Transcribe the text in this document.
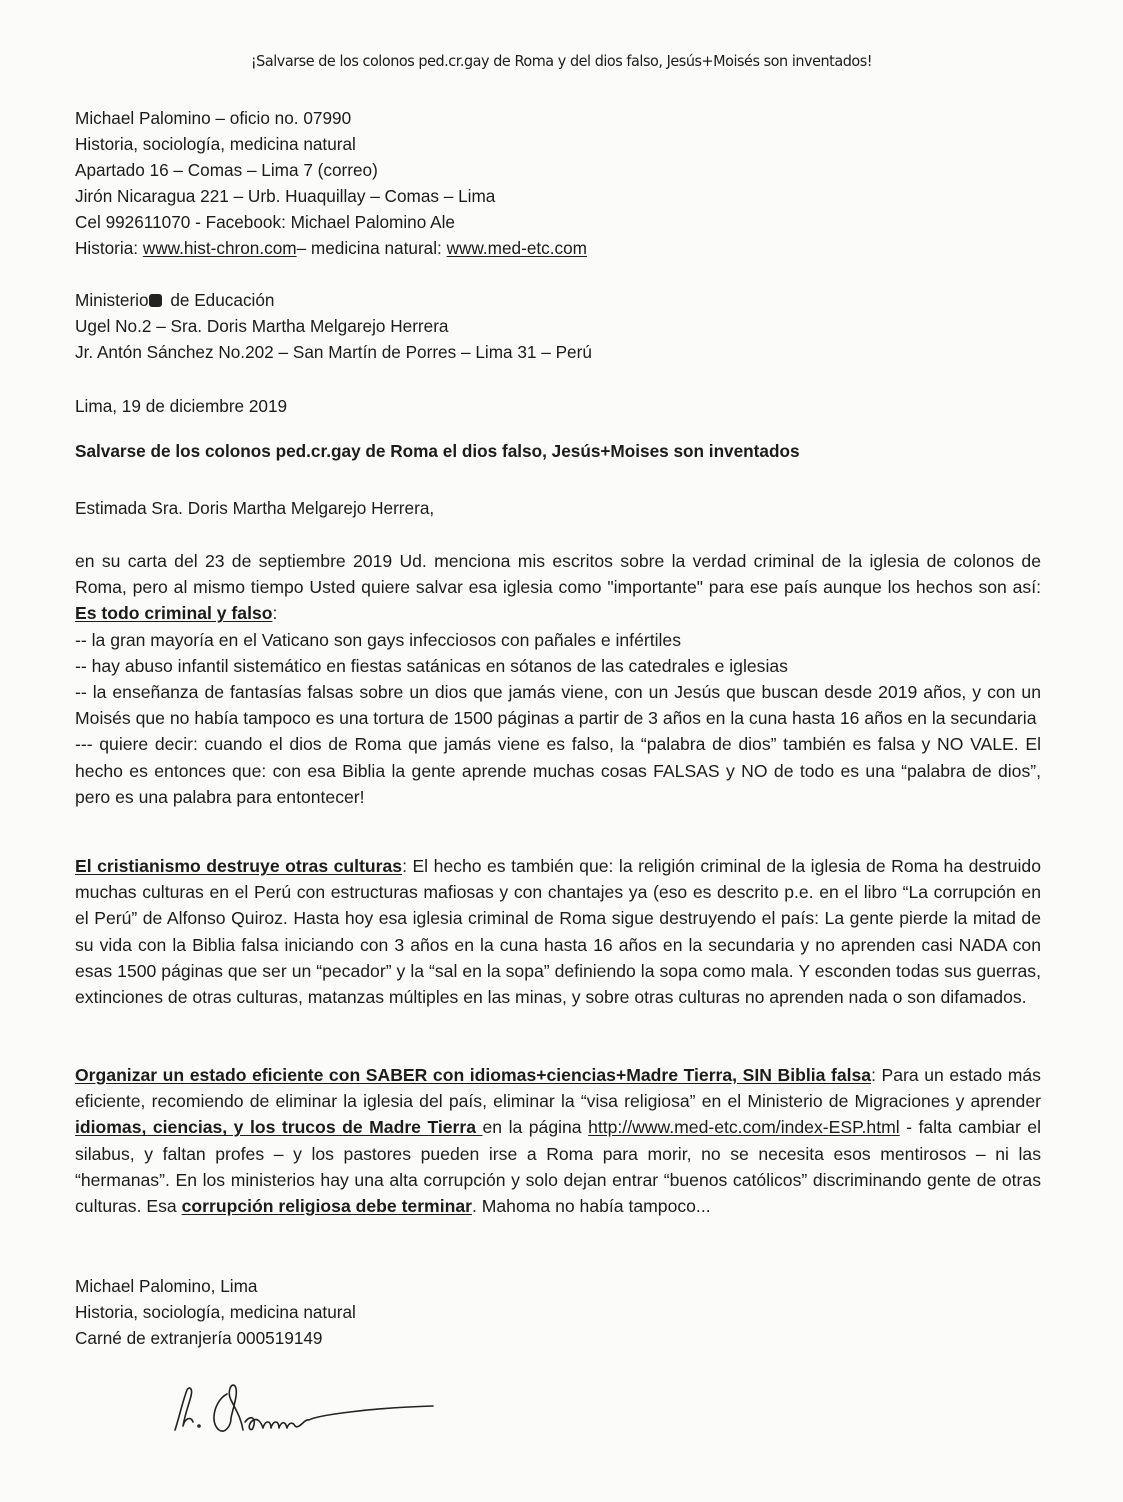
¡Salvarse de los colonos ped.cr.gay de Roma y del dios falso, Jesús+Moisés son inventados!
Michael Palomino – oficio no. 07990
Historia, sociología, medicina natural
Apartado 16 – Comas – Lima 7 (correo)
Jirón Nicaragua 221 – Urb. Huaquillay – Comas – Lima
Cel 992611070 - Facebook: Michael Palomino Ale
Historia: www.hist-chron.com– medicina natural: www.med-etc.com
Ministerio de Educación
Ugel No.2 – Sra. Doris Martha Melgarejo Herrera
Jr. Antón Sánchez No.202 – San Martín de Porres – Lima 31 – Perú
Lima, 19 de diciembre 2019
Salvarse de los colonos ped.cr.gay de Roma el dios falso, Jesús+Moises son inventados
Estimada Sra. Doris Martha Melgarejo Herrera,
en su carta del 23 de septiembre 2019 Ud. menciona mis escritos sobre la verdad criminal de la iglesia de colonos de Roma, pero al mismo tiempo Usted quiere salvar esa iglesia como "importante" para ese país aunque los hechos son así: Es todo criminal y falso:
-- la gran mayoría en el Vaticano son gays infecciosos con pañales e infértiles
-- hay abuso infantil sistemático en fiestas satánicas en sótanos de las catedrales e iglesias
-- la enseñanza de fantasías falsas sobre un dios que jamás viene, con un Jesús que buscan desde 2019 años, y con un Moisés que no había tampoco es una tortura de 1500 páginas a partir de 3 años en la cuna hasta 16 años en la secundaria
--- quiere decir: cuando el dios de Roma que jamás viene es falso, la “palabra de dios” también es falsa y NO VALE. El hecho es entonces que: con esa Biblia la gente aprende muchas cosas FALSAS y NO de todo es una “palabra de dios”, pero es una palabra para entontecer!
El cristianismo destruye otras culturas: El hecho es también que: la religión criminal de la iglesia de Roma ha destruido muchas culturas en el Perú con estructuras mafiosas y con chantajes ya (eso es descrito p.e. en el libro “La corrupción en el Perú” de Alfonso Quiroz. Hasta hoy esa iglesia criminal de Roma sigue destruyendo el país: La gente pierde la mitad de su vida con la Biblia falsa iniciando con 3 años en la cuna hasta 16 años en la secundaria y no aprenden casi NADA con esas 1500 páginas que ser un “pecador” y la “sal en la sopa” definiendo la sopa como mala. Y esconden todas sus guerras, extinciones de otras culturas, matanzas múltiples en las minas, y sobre otras culturas no aprenden nada o son difamados.
Organizar un estado eficiente con SABER con idiomas+ciencias+Madre Tierra, SIN Biblia falsa: Para un estado más eficiente, recomiendo de eliminar la iglesia del país, eliminar la “visa religiosa” en el Ministerio de Migraciones y aprender idiomas, ciencias, y los trucos de Madre Tierra en la página http://www.med-etc.com/index-ESP.html - falta cambiar el silabus, y faltan profes – y los pastores pueden irse a Roma para morir, no se necesita esos mentirosos – ni las “hermanas”. En los ministerios hay una alta corrupción y solo dejan entrar “buenos católicos” discriminando gente de otras culturas. Esa corrupción religiosa debe terminar. Mahoma no había tampoco...
Michael Palomino, Lima
Historia, sociología, medicina natural
Carné de extranjería 000519149
